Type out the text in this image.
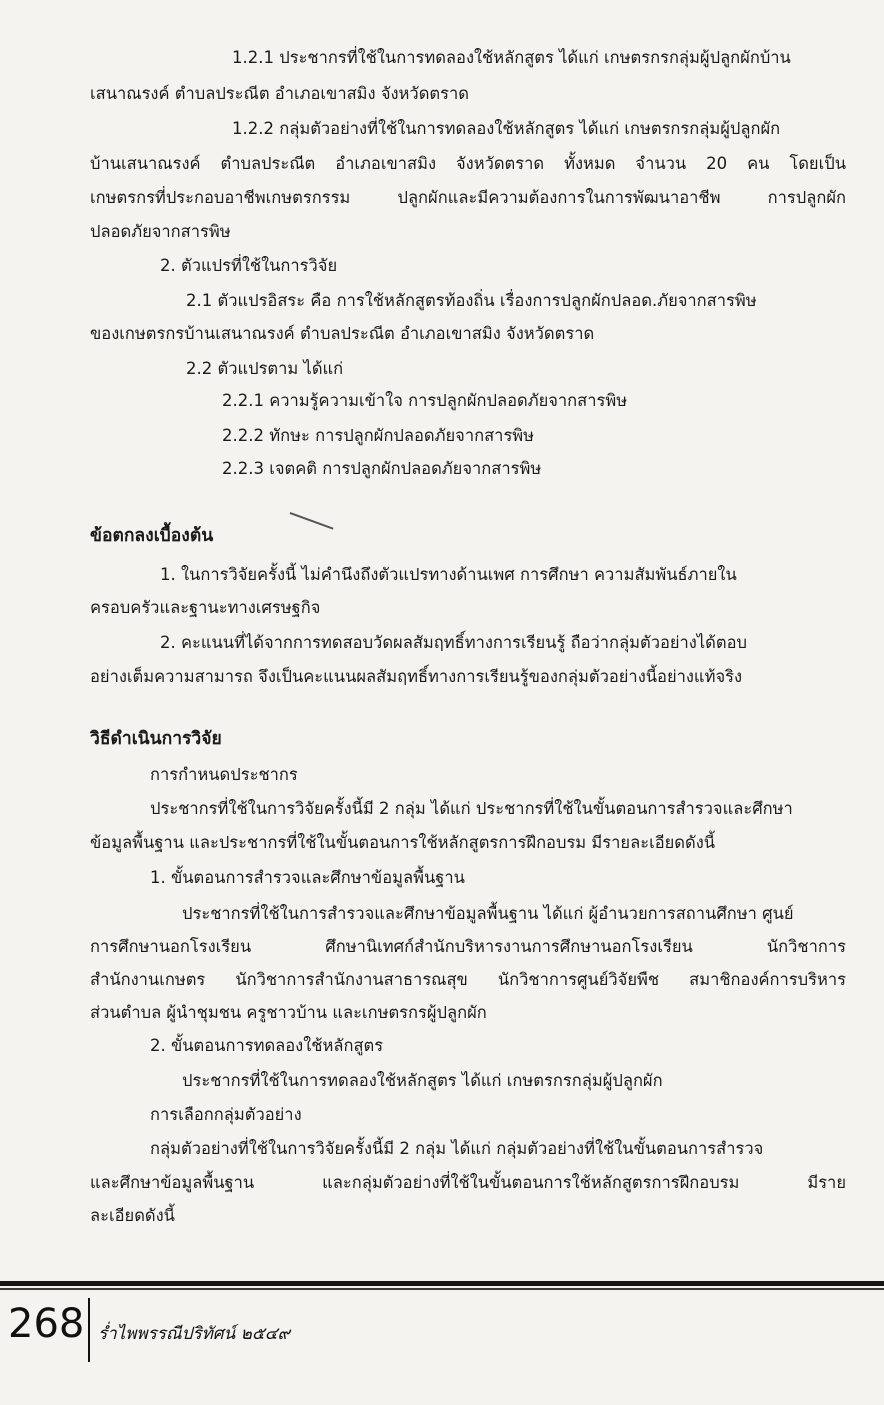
1.2.1 ประชากรที่ใช้ในการทดลองใช้หลักสูตร ได้แก่ เกษตรกรกลุ่มผู้ปลูกผักบ้าน
เสนาณรงค์ ตำบลประณีต อำเภอเขาสมิง จังหวัดตราด
1.2.2 กลุ่มตัวอย่างที่ใช้ในการทดลองใช้หลักสูตร ได้แก่ เกษตรกรกลุ่มผู้ปลูกผัก
บ้านเสนาณรงค์ ตำบลประณีต อำเภอเขาสมิง จังหวัดตราด ทั้งหมด จำนวน 20 คน โดยเป็น
เกษตรกรที่ประกอบอาชีพเกษตรกรรม ปลูกผักและมีความต้องการในการพัฒนาอาชีพ การปลูกผัก
ปลอดภัยจากสารพิษ
2. ตัวแปรที่ใช้ในการวิจัย
2.1 ตัวแปรอิสระ คือ การใช้หลักสูตรท้องถิ่น เรื่องการปลูกผักปลอด.ภัยจากสารพิษ
ของเกษตรกรบ้านเสนาณรงค์ ตำบลประณีต อำเภอเขาสมิง จังหวัดตราด
2.2 ตัวแปรตาม ได้แก่
2.2.1 ความรู้ความเข้าใจ การปลูกผักปลอดภัยจากสารพิษ
2.2.2 ทักษะ การปลูกผักปลอดภัยจากสารพิษ
2.2.3 เจตคติ การปลูกผักปลอดภัยจากสารพิษ
ข้อตกลงเบื้องต้น
1. ในการวิจัยครั้งนี้ ไม่คำนึงถึงตัวแปรทางด้านเพศ การศึกษา ความสัมพันธ์ภายใน
ครอบครัวและฐานะทางเศรษฐกิจ
2. คะแนนที่ได้จากการทดสอบวัดผลสัมฤทธิ์ทางการเรียนรู้ ถือว่ากลุ่มตัวอย่างได้ตอบ
อย่างเต็มความสามารถ จึงเป็นคะแนนผลสัมฤทธิ์ทางการเรียนรู้ของกลุ่มตัวอย่างนี้อย่างแท้จริง
วิธีดำเนินการวิจัย
การกำหนดประชากร
ประชากรที่ใช้ในการวิจัยครั้งนี้มี 2 กลุ่ม ได้แก่ ประชากรที่ใช้ในขั้นตอนการสำรวจและศึกษา
ข้อมูลพื้นฐาน และประชากรที่ใช้ในขั้นตอนการใช้หลักสูตรการฝึกอบรม มีรายละเอียดดังนี้
1. ขั้นตอนการสำรวจและศึกษาข้อมูลพื้นฐาน
ประชากรที่ใช้ในการสำรวจและศึกษาข้อมูลพื้นฐาน ได้แก่ ผู้อำนวยการสถานศึกษา ศูนย์
การศึกษานอกโรงเรียน ศึกษานิเทศก์สำนักบริหารงานการศึกษานอกโรงเรียน นักวิชาการ
สำนักงานเกษตร นักวิชาการสำนักงานสาธารณสุข นักวิชาการศูนย์วิจัยพืช สมาชิกองค์การบริหาร
ส่วนตำบล ผู้นำชุมชน ครูชาวบ้าน และเกษตรกรผู้ปลูกผัก
2. ขั้นตอนการทดลองใช้หลักสูตร
ประชากรที่ใช้ในการทดลองใช้หลักสูตร ได้แก่ เกษตรกรกลุ่มผู้ปลูกผัก
การเลือกกลุ่มตัวอย่าง
กลุ่มตัวอย่างที่ใช้ในการวิจัยครั้งนี้มี 2 กลุ่ม ได้แก่ กลุ่มตัวอย่างที่ใช้ในขั้นตอนการสำรวจ
และศึกษาข้อมูลพื้นฐาน และกลุ่มตัวอย่างที่ใช้ในขั้นตอนการใช้หลักสูตรการฝึกอบรม มีราย
ละเอียดดังนี้
268 ร่ำไพพรรณีปริทัศน์ ๒๕๔๙
